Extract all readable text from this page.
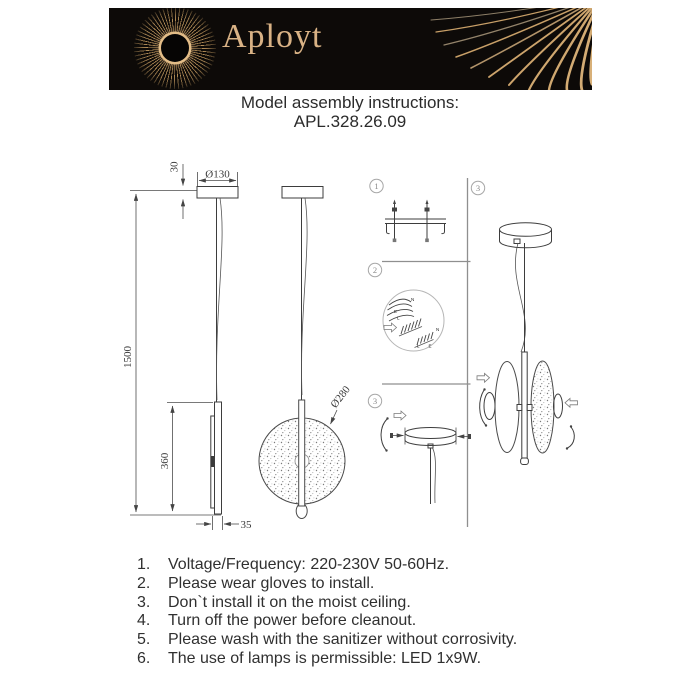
Aployt
Model assembly instructions:
APL.328.26.09
1500
30
Ø130
360
35
Ø280
1
2
3
3
N
E
L
N
L E
1.	Voltage/Frequency: 220-230V 50-60Hz.
2.	Please wear gloves to install.
3.	Don`t install it on the moist ceiling.
4.	Turn off the power before cleanout.
5.	Please wash with the sanitizer without corrosivity.
6.	The use of lamps is permissible: LED 1x9W.
